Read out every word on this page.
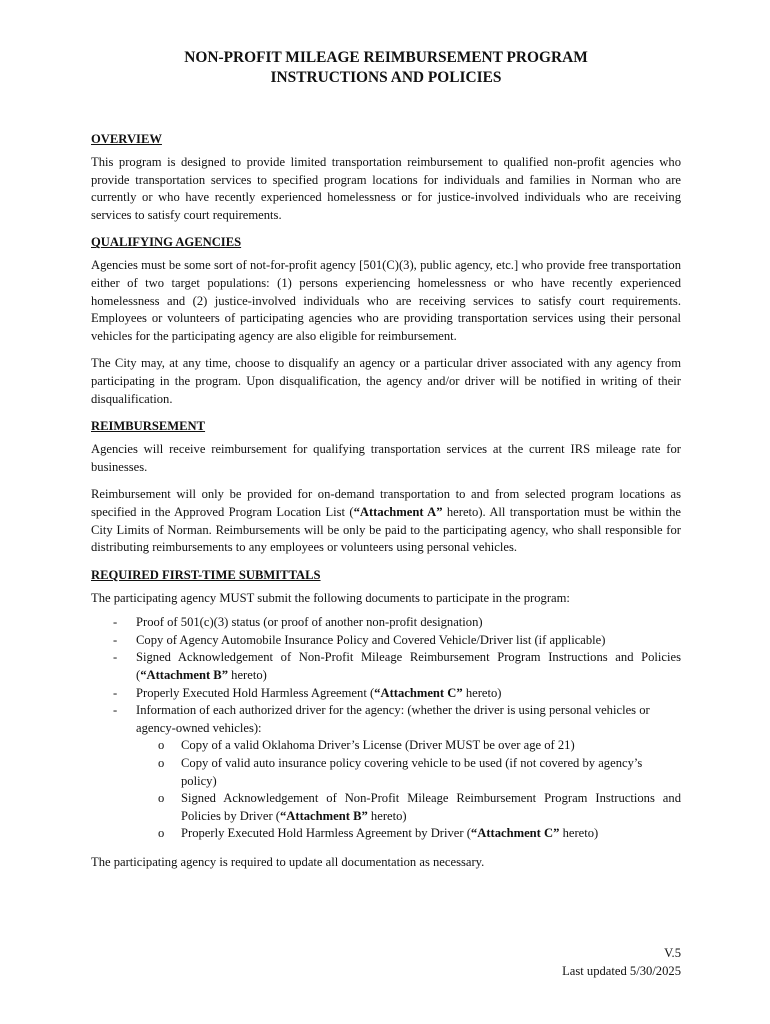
NON-PROFIT MILEAGE REIMBURSEMENT PROGRAM
INSTRUCTIONS AND POLICIES
OVERVIEW

This program is designed to provide limited transportation reimbursement to qualified non-profit agencies who provide transportation services to specified program locations for individuals and families in Norman who are currently or who have recently experienced homelessness or for justice-involved individuals who are receiving services to satisfy court requirements.

QUALIFYING AGENCIES

Agencies must be some sort of not-for-profit agency [501(C)(3), public agency, etc.] who provide free transportation either of two target populations: (1) persons experiencing homelessness or who have recently experienced homelessness and (2) justice-involved individuals who are receiving services to satisfy court requirements. Employees or volunteers of participating agencies who are providing transportation services using their personal vehicles for the participating agency are also eligible for reimbursement.

The City may, at any time, choose to disqualify an agency or a particular driver associated with any agency from participating in the program. Upon disqualification, the agency and/or driver will be notified in writing of their disqualification.

REIMBURSEMENT

Agencies will receive reimbursement for qualifying transportation services at the current IRS mileage rate for businesses.

Reimbursement will only be provided for on-demand transportation to and from selected program locations as specified in the Approved Program Location List (“Attachment A” hereto). All transportation must be within the City Limits of Norman. Reimbursements will be only be paid to the participating agency, who shall responsible for distributing reimbursements to any employees or volunteers using personal vehicles.

REQUIRED FIRST-TIME SUBMITTALS

The participating agency MUST submit the following documents to participate in the program:

- Proof of 501(c)(3) status (or proof of another non-profit designation)
- Copy of Agency Automobile Insurance Policy and Covered Vehicle/Driver list (if applicable)
- Signed Acknowledgement of Non-Profit Mileage Reimbursement Program Instructions and Policies (“Attachment B” hereto)
- Properly Executed Hold Harmless Agreement (“Attachment C” hereto)
- Information of each authorized driver for the agency: (whether the driver is using personal vehicles or agency-owned vehicles):
o Copy of a valid Oklahoma Driver’s License (Driver MUST be over age of 21)
o Copy of valid auto insurance policy covering vehicle to be used (if not covered by agency’s policy)
o Signed Acknowledgement of Non-Profit Mileage Reimbursement Program Instructions and Policies by Driver (“Attachment B” hereto)
o Properly Executed Hold Harmless Agreement by Driver (“Attachment C” hereto)

The participating agency is required to update all documentation as necessary.

V.5
Last updated 5/30/2025
